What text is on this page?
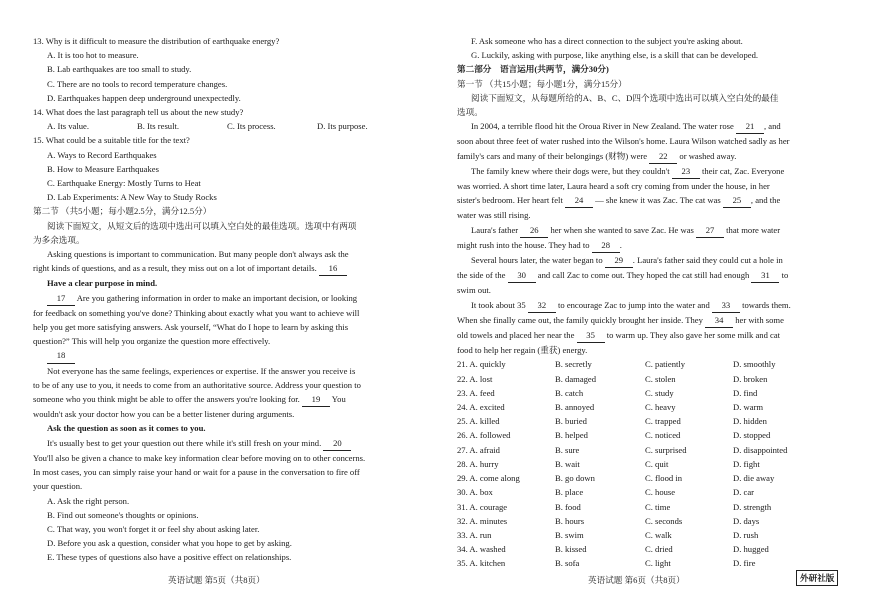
13. Why is it difficult to measure the distribution of earthquake energy?
A. It is too hot to measure.
B. Lab earthquakes are too small to study.
C. There are no tools to record temperature changes.
D. Earthquakes happen deep underground unexpectedly.
14. What does the last paragraph tell us about the new study?
A. Its value.	B. Its result.	C. Its process.	D. Its purpose.
15. What could be a suitable title for the text?
A. Ways to Record Earthquakes
B. How to Measure Earthquakes
C. Earthquake Energy: Mostly Turns to Heat
D. Lab Experiments: A New Way to Study Rocks
第二节 （共5小题；每小题2.5分，满分12.5分）
阅读下面短文，从短文后的选项中选出可以填入空白处的最佳选项。选项中有两项
为多余选项。
Asking questions is important to communication. But many people don't always ask the
right kinds of questions, and as a result, they miss out on a lot of important details. 16
Have a clear purpose in mind.
17 Are you gathering information in order to make an important decision, or looking
for feedback on something you've done? Thinking about exactly what you want to achieve will
help you get more satisfying answers. Ask yourself, “What do I hope to learn by asking this
question?” This will help you organize the question more effectively.
18
Not everyone has the same feelings, experiences or expertise. If the answer you receive is
to be of any use to you, it needs to come from an authoritative source. Address your question to
someone who you think might be able to offer the answers you're looking for. 19 You
wouldn't ask your doctor how you can be a better listener during arguments.
Ask the question as soon as it comes to you.
It's usually best to get your question out there while it's still fresh on your mind. 20
You'll also be given a chance to make key information clear before moving on to other concerns.
In most cases, you can simply raise your hand or wait for a pause in the conversation to fire off
your question.
A. Ask the right person.
B. Find out someone's thoughts or opinions.
C. That way, you won't forget it or feel shy about asking later.
D. Before you ask a question, consider what you hope to get by asking.
E. These types of questions also have a positive effect on relationships.
F. Ask someone who has a direct connection to the subject you're asking about.
G. Luckily, asking with purpose, like anything else, is a skill that can be developed.
第二部分　语言运用(共两节，满分30分)
第一节 （共15小题；每小题1分，满分15分）
阅读下面短文，从每题所给的A、B、C、D四个选项中选出可以填入空白处的最佳
选项。
In 2004, a terrible flood hit the Oroua River in New Zealand. The water rose 21 , and
soon about three feet of water rushed into the Wilson's home. Laura Wilson watched sadly as her
family's cars and many of their belongings (财物) were 22 or washed away.
The family knew where their dogs were, but they couldn't 23 their cat, Zac. Everyone
was worried. A short time later, Laura heard a soft cry coming from under the house, in her
sister's bedroom. Her heart felt 24 — she knew it was Zac. The cat was 25 , and the
water was still rising.
Laura's father 26 her when she wanted to save Zac. He was 27 that more water
might rush into the house. They had to 28 .
Several hours later, the water began to 29 . Laura's father said they could cut a hole in
the side of the 30 and call Zac to come out. They hoped the cat still had enough 31 to
swim out.
It took about 35 32 to encourage Zac to jump into the water and 33 towards them.
When she finally came out, the family quickly brought her inside. They 34 her with some
old towels and placed her near the 35 to warm up. They also gave her some milk and cat
food to help her regain (重获) energy.
21. A. quickly	B. secretly	C. patiently	D. smoothly
22. A. lost	B. damaged	C. stolen	D. broken
23. A. feed	B. catch	C. study	D. find
24. A. excited	B. annoyed	C. heavy	D. warm
25. A. killed	B. buried	C. trapped	D. hidden
26. A. followed	B. helped	C. noticed	D. stopped
27. A. afraid	B. sure	C. surprised	D. disappointed
28. A. hurry	B. wait	C. quit	D. fight
29. A. come along	B. go down	C. flood in	D. die away
30. A. box	B. place	C. house	D. car
31. A. courage	B. food	C. time	D. strength
32. A. minutes	B. hours	C. seconds	D. days
33. A. run	B. swim	C. walk	D. rush
34. A. washed	B. kissed	C. dried	D. hugged
35. A. kitchen	B. sofa	C. light	D. fire
英语试题 第5页（共8页）	英语试题 第6页（共8页）	外研社版
